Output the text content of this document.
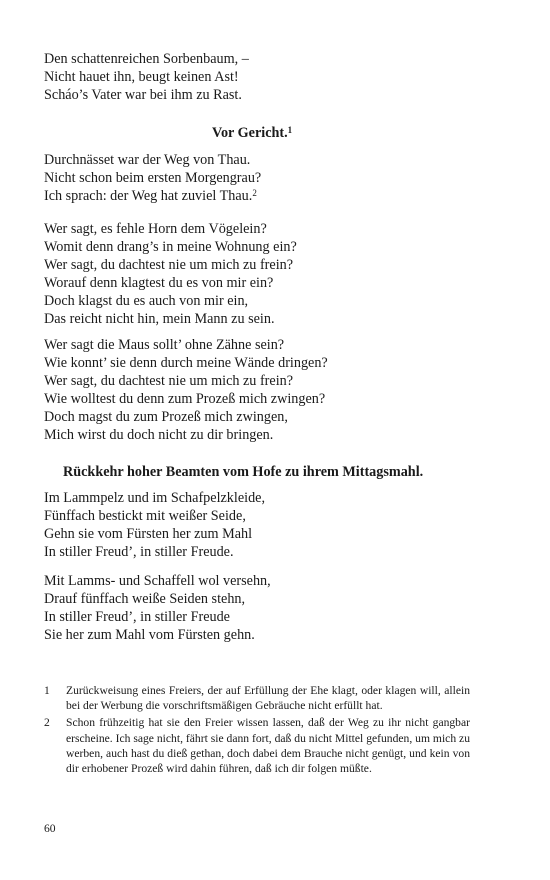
Den schattenreichen Sorbenbaum, –
Nicht hauet ihn, beugt keinen Ast!
Scháo’s Vater war bei ihm zu Rast.
Vor Gericht.$^1$
Durchnässet war der Weg von Thau.
Nicht schon beim ersten Morgengrau?
Ich sprach: der Weg hat zuviel Thau.$^2$
Wer sagt, es fehle Horn dem Vögelein?
Womit denn drang’s in meine Wohnung ein?
Wer sagt, du dachtest nie um mich zu frein?
Worauf denn klagtest du es von mir ein?
Doch klagst du es auch von mir ein,
Das reicht nicht hin, mein Mann zu sein.
Wer sagt die Maus sollt’ ohne Zähne sein?
Wie konnt’ sie denn durch meine Wände dringen?
Wer sagt, du dachtest nie um mich zu frein?
Wie wolltest du denn zum Prozeß mich zwingen?
Doch magst du zum Prozeß mich zwingen,
Mich wirst du doch nicht zu dir bringen.
Rückkehr hoher Beamten vom Hofe zu ihrem Mittagsmahl.
Im Lammpelz und im Schafpelzkleide,
Fünffach bestickt mit weißer Seide,
Gehn sie vom Fürsten her zum Mahl
In stiller Freud’, in stiller Freude.
Mit Lamms- und Schaffell wol versehn,
Drauf fünffach weiße Seiden stehn,
In stiller Freud’, in stiller Freude
Sie her zum Mahl vom Fürsten gehn.
1	Zurückweisung eines Freiers, der auf Erfüllung der Ehe klagt, oder klagen will, allein bei der Werbung die vorschriftsmäßigen Gebräuche nicht erfüllt hat.
2	Schon frühzeitig hat sie den Freier wissen lassen, daß der Weg zu ihr nicht gangbar erscheine. Ich sage nicht, fährt sie dann fort, daß du nicht Mittel gefunden, um mich zu werben, auch hast du dieß gethan, doch dabei dem Brauche nicht genügt, und kein von dir erhobener Prozeß wird dahin führen, daß ich dir folgen müßte.
60
